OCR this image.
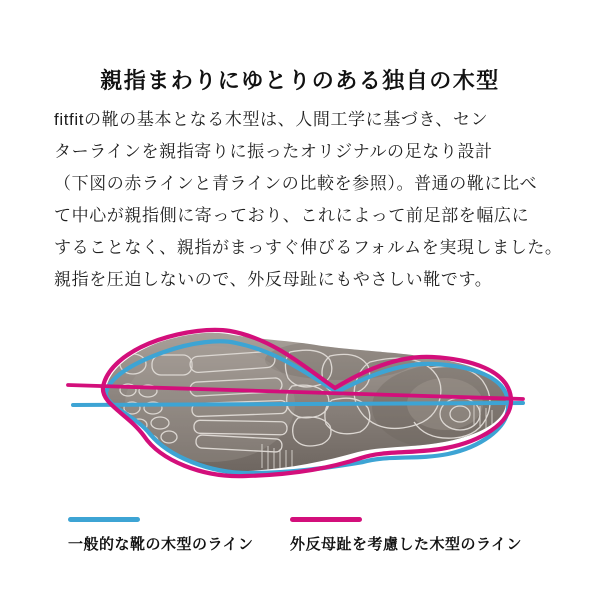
親指まわりにゆとりのある独自の木型
fitfitの靴の基本となる木型は、人間工学に基づき、セン
ターラインを親指寄りに振ったオリジナルの足なり設計
（下図の赤ラインと青ラインの比較を参照）。普通の靴に比べ
て中心が親指側に寄っており、これによって前足部を幅広に
することなく、親指がまっすぐ伸びるフォルムを実現しました。
親指を圧迫しないので、外反母趾にもやさしい靴です。
一般的な靴の木型のライン 外反母趾を考慮した木型のライン
